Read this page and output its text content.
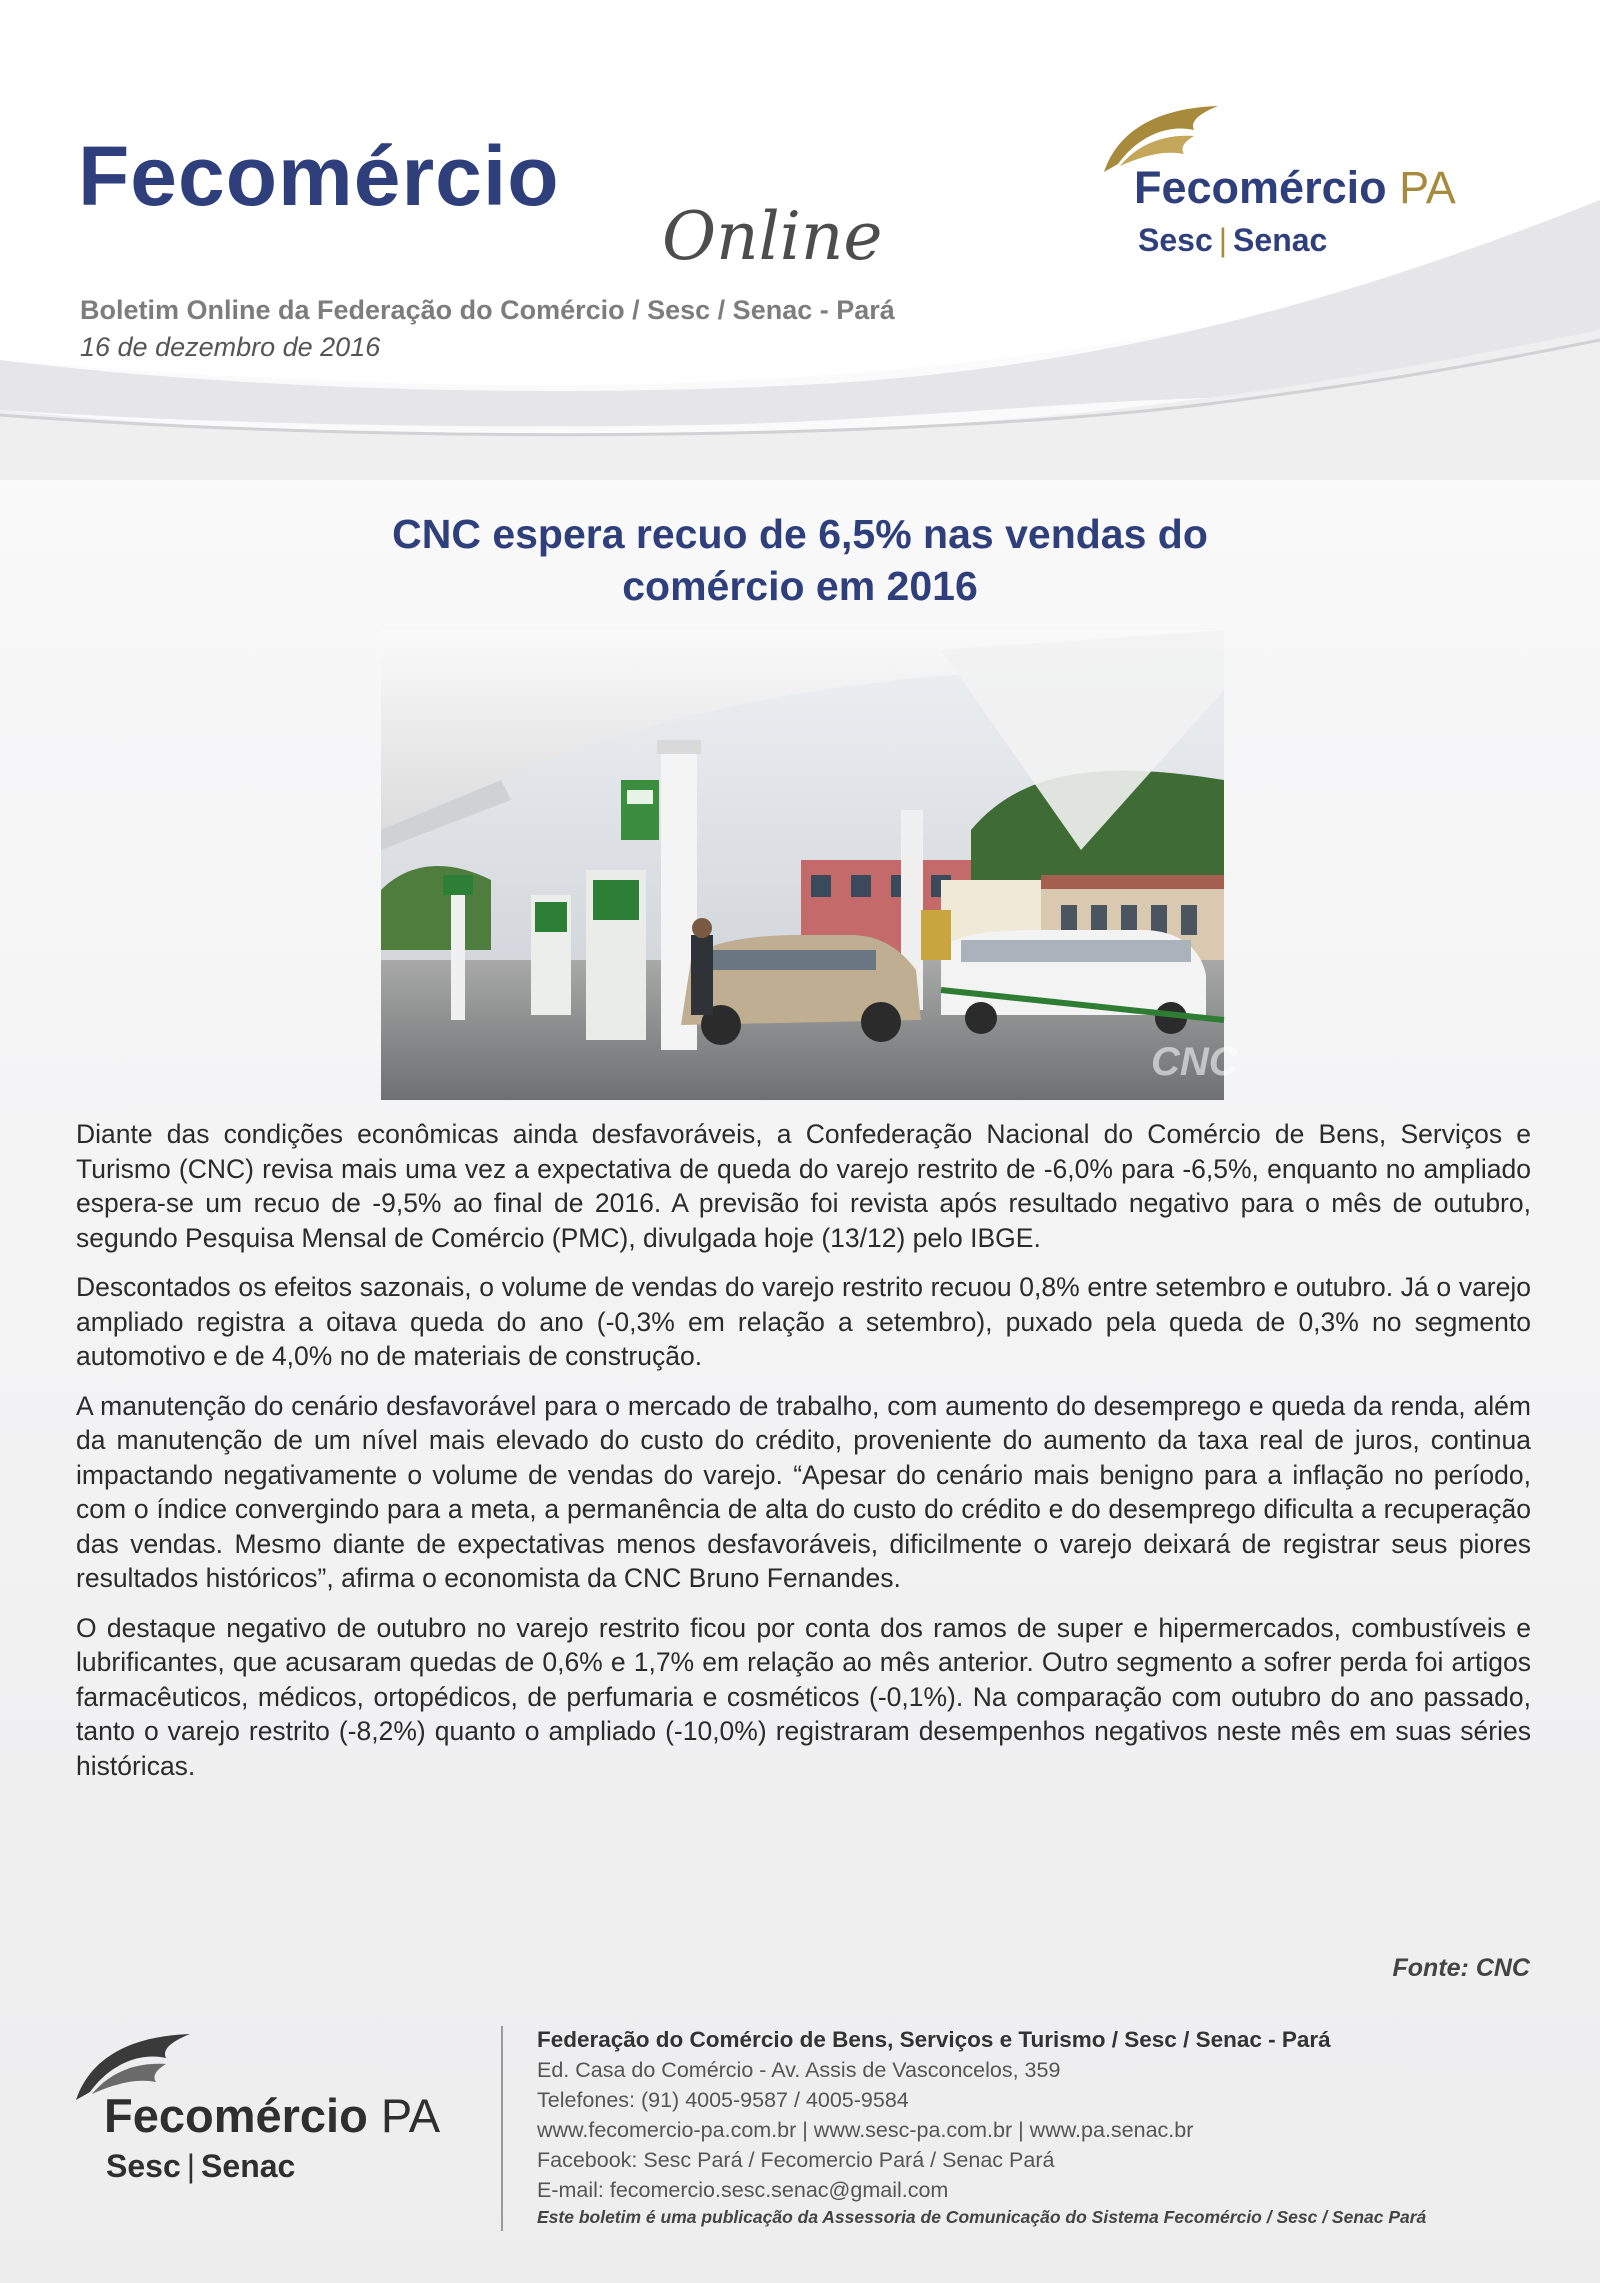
Fecomércio
Online
Boletim Online da Federação do Comércio / Sesc / Senac - Pará
16 de dezembro de 2016
Fecomércio PA
Sesc | Senac
CNC espera recuo de 6,5% nas vendas do
comércio em 2016
CNC

Diante das condições econômicas ainda desfavoráveis, a Confederação Nacional do Comércio de Bens, Serviços e Turismo (CNC) revisa mais uma vez a expectativa de queda do varejo restrito de -6,0% para -6,5%, enquanto no ampliado espera-se um recuo de -9,5% ao final de 2016. A previsão foi revista após resultado negativo para o mês de outubro, segundo Pesquisa Mensal de Comércio (PMC), divulgada hoje (13/12) pelo IBGE.

Descontados os efeitos sazonais, o volume de vendas do varejo restrito recuou 0,8% entre setembro e outubro. Já o varejo ampliado registra a oitava queda do ano (-0,3% em relação a setembro), puxado pela queda de 0,3% no segmento automotivo e de 4,0% no de materiais de construção.

A manutenção do cenário desfavorável para o mercado de trabalho, com aumento do desemprego e queda da renda, além da manutenção de um nível mais elevado do custo do crédito, proveniente do aumento da taxa real de juros, continua impactando negativamente o volume de vendas do varejo. “Apesar do cenário mais benigno para a inflação no período, com o índice convergindo para a meta, a permanência de alta do custo do crédito e do desemprego dificulta a recuperação das vendas. Mesmo diante de expectativas menos desfavoráveis, dificilmente o varejo deixará de registrar seus piores resultados históricos”, afirma o economista da CNC Bruno Fernandes.

O destaque negativo de outubro no varejo restrito ficou por conta dos ramos de super e hipermercados, combustíveis e lubrificantes, que acusaram quedas de 0,6% e 1,7% em relação ao mês anterior. Outro segmento a sofrer perda foi artigos farmacêuticos, médicos, ortopédicos, de perfumaria e cosméticos (-0,1%). Na comparação com outubro do ano passado, tanto o varejo restrito (-8,2%) quanto o ampliado (-10,0%) registraram desempenhos negativos neste mês em suas séries históricas.

Fonte: CNC
Fecomércio PA
Sesc | Senac
Federação do Comércio de Bens, Serviços e Turismo / Sesc / Senac - Pará
Ed. Casa do Comércio - Av. Assis de Vasconcelos, 359
Telefones: (91) 4005-9587 / 4005-9584
www.fecomercio-pa.com.br | www.sesc-pa.com.br | www.pa.senac.br
Facebook: Sesc Pará / Fecomercio Pará / Senac Pará
E-mail: fecomercio.sesc.senac@gmail.com
Este boletim é uma publicação da Assessoria de Comunicação do Sistema Fecomércio / Sesc / Senac Pará
